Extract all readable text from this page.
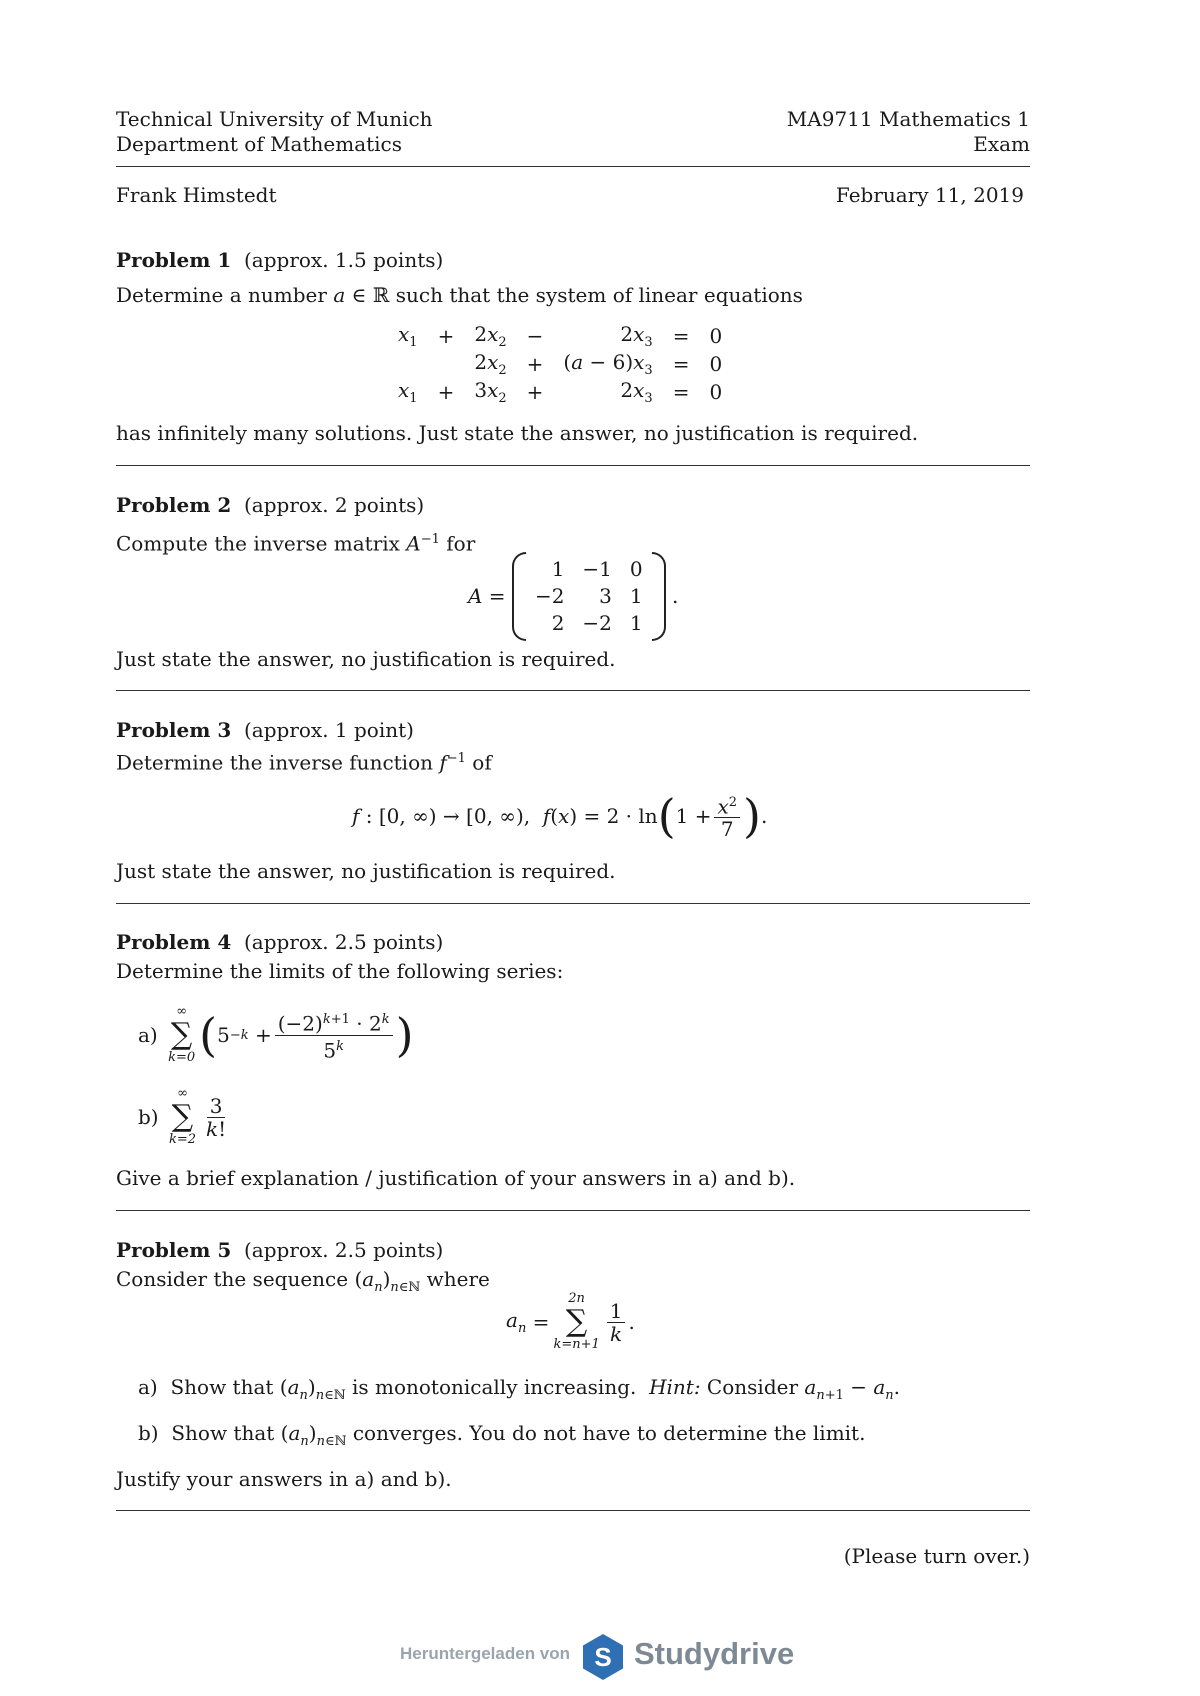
Technical University of Munich
Department of Mathematics
MA9711 Mathematics 1
Exam
Frank Himstedt	February 11, 2019
Problem 1 (approx. 1.5 points)
Determine a number a ∈ ℝ such that the system of linear equations
$x_1$	+	$2x_2$	−	$2x_3$	=	0
		$2x_2$	+	$(a - 6)x_3$	=	0
$x_1$	+	$3x_2$	+	$2x_3$	=	0
has infinitely many solutions. Just state the answer, no justification is required.
Problem 2 (approx. 2 points)
Compute the inverse matrix $A^{-1}$ for
A =
1	−1	0
−2	3	1
2	−2	1
.
Just state the answer, no justification is required.
Problem 3 (approx. 1 point)
Determine the inverse function $f^{-1}$ of
f : [0, ∞) → [0, ∞), f ( x ) = 2 · ln ( $1 + \frac{x^2}{7}$ ) .
Just state the answer, no justification is required.
Problem 4 (approx. 2.5 points)
Determine the limits of the following series:
a)

∞
∑
k=0 ( $5 -k + \frac{(-2)^{k+1} \cdot 2^k}{5^k}$ )
b)

∞
∑
$k=2 \frac{3}{k!}$
Give a brief explanation / justification of your answers in a) and b).
Problem 5 (approx. 2.5 points)
Consider the sequence $(a_n)_{n\in ℕ}$ where
$a_n$ =
2n
∑
$k=n+1 \frac{1}{k}$ .
a) Show that $(a_n)_{n\in ℕ}$ is monotonically increasing. Hint: Consider $a_{n+1} - a_n$.
b) Show that $(a_n)_{n\in ℕ}$ converges. You do not have to determine the limit.
Justify your answers in a) and b).
(Please turn over.)
Heruntergeladen von S Studydrive
